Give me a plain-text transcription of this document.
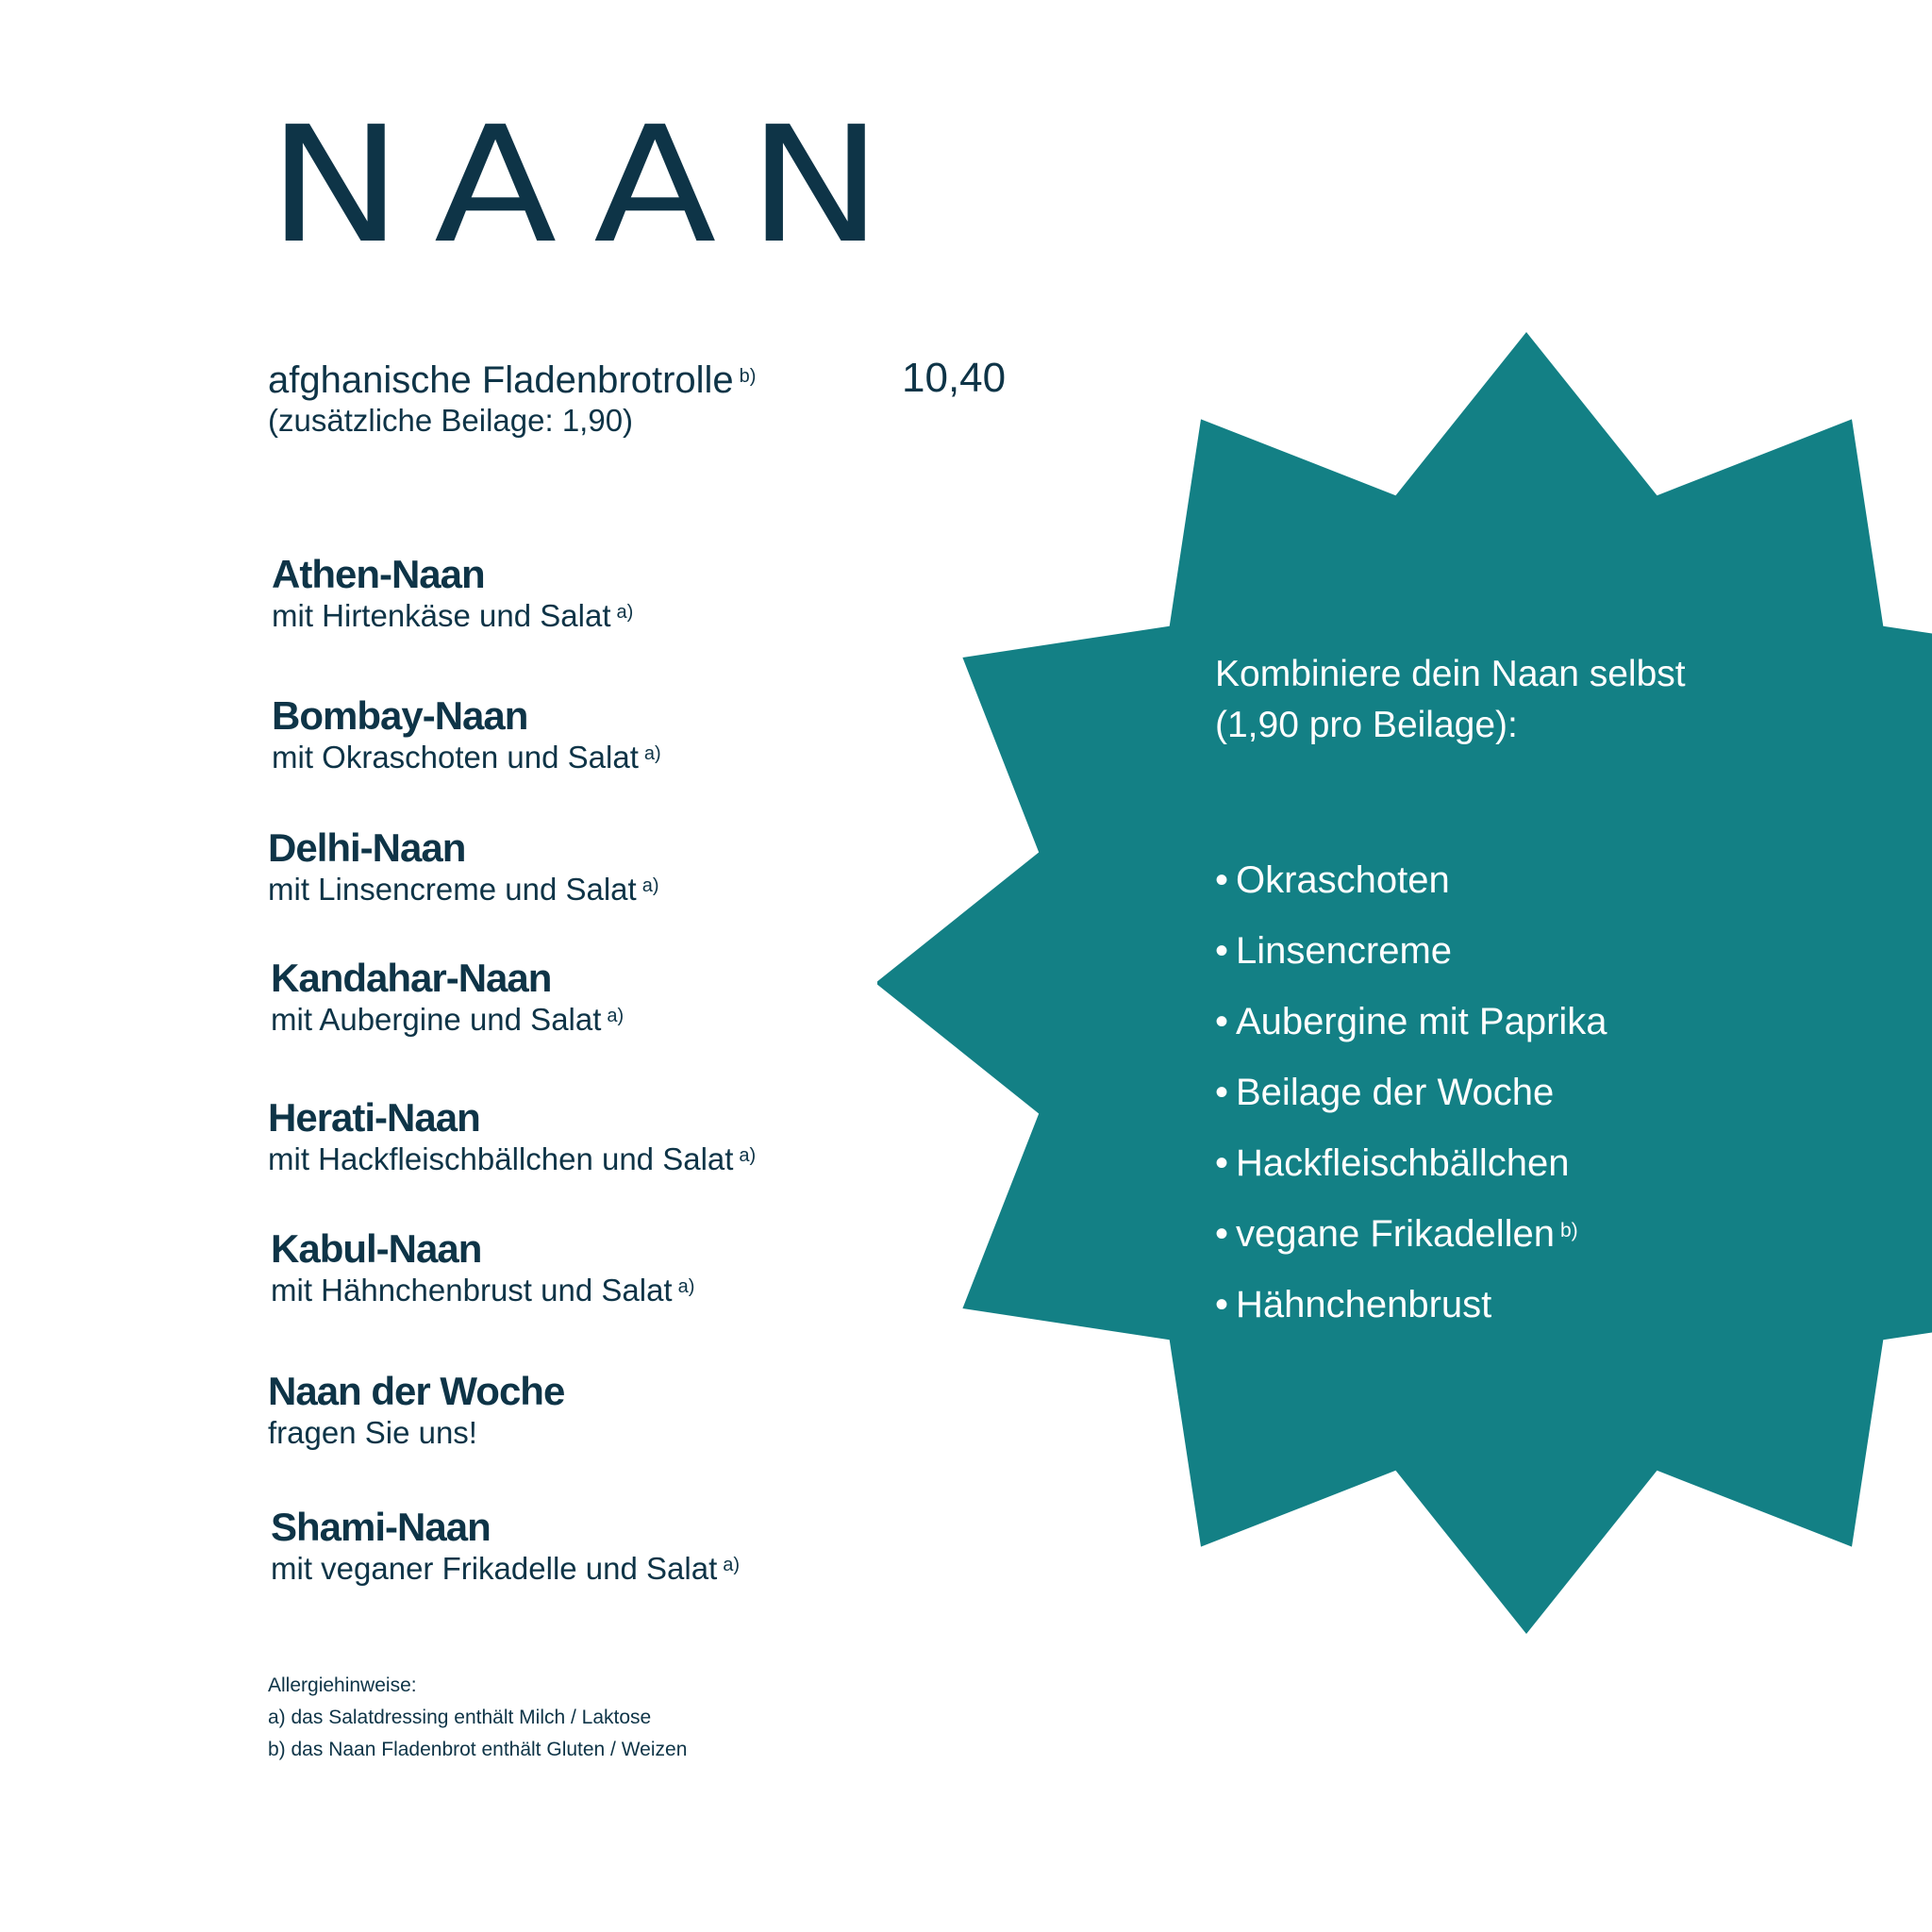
NAAN
afghanische Fladenbrotrolle $^{b)}$
(zusätzliche Beilage: 1,90)
10,40
Athen-Naan
mit Hirtenkäse und Salat $^{a)}$
Bombay-Naan
mit Okraschoten und Salat $^{a)}$
Delhi-Naan
mit Linsencreme und Salat $^{a)}$
Kandahar-Naan
mit Aubergine und Salat $^{a)}$
Herati-Naan
mit Hackfleischbällchen und Salat $^{a)}$
Kabul-Naan
mit Hähnchenbrust und Salat $^{a)}$
Naan der Woche
fragen Sie uns!
Shami-Naan
mit veganer Frikadelle und Salat $^{a)}$
Allergiehinweise:
a) das Salatdressing enthält Milch / Laktose
b) das Naan Fladenbrot enthält Gluten / Weizen
Kombiniere dein Naan selbst
(1,90 pro Beilage):
• Okraschoten
• Linsencreme
• Aubergine mit Paprika
• Beilage der Woche
• Hackfleischbällchen
• vegane Frikadellen $^{b)}$
• Hähnchenbrust
